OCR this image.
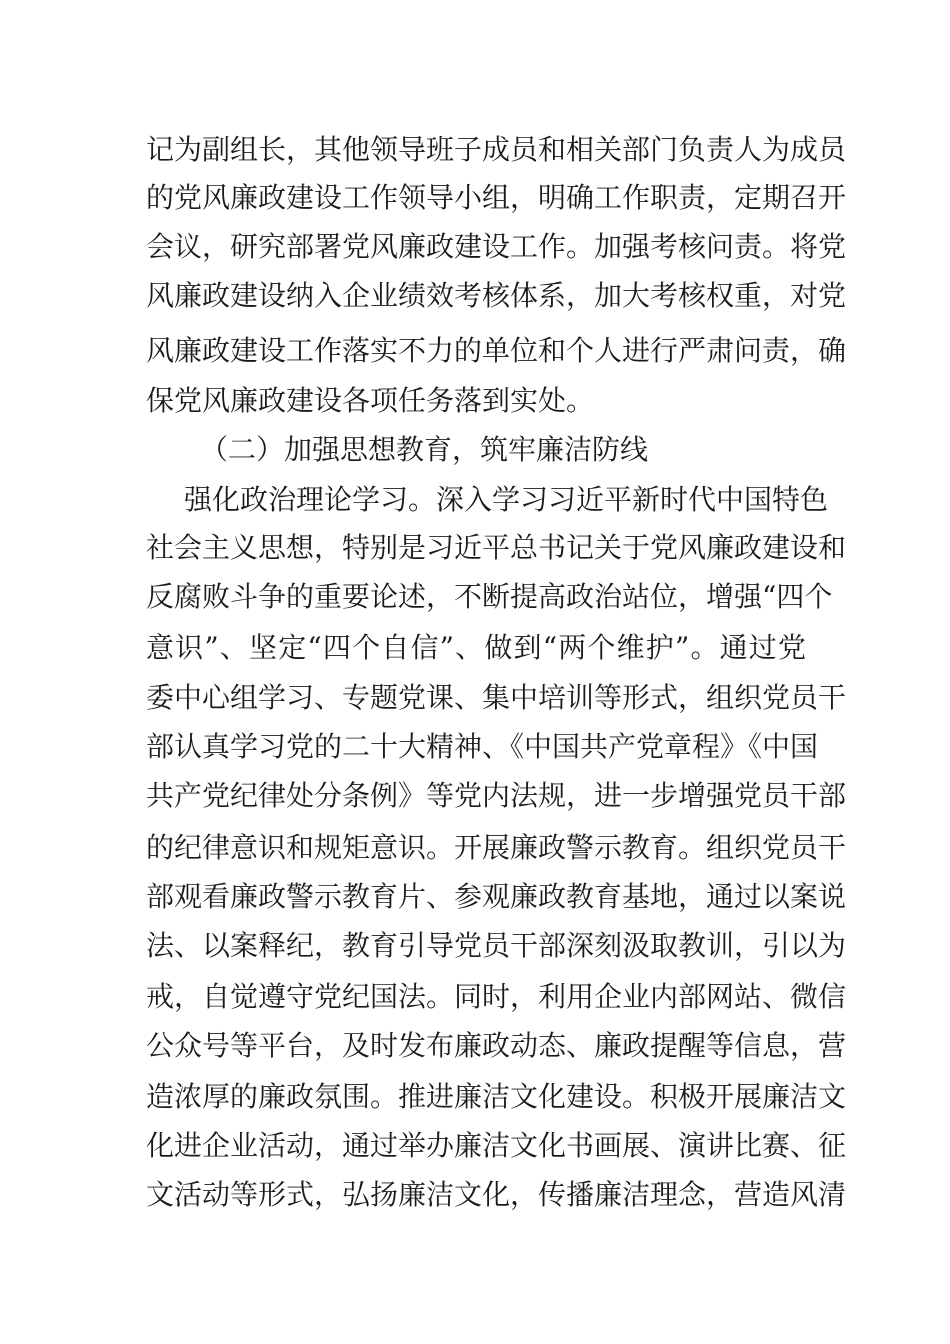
记为副组长，其他领导班子成员和相关部门负责人为成员
的党风廉政建设工作领导小组，明确工作职责，定期召开
会议，研究部署党风廉政建设工作。加强考核问责。将党
风廉政建设纳入企业绩效考核体系，加大考核权重，对党
风廉政建设工作落实不力的单位和个人进行严肃问责，确
保党风廉政建设各项任务落到实处。
（二）加强思想教育，筑牢廉洁防线
强化政治理论学习。深入学习习近平新时代中国特色
社会主义思想，特别是习近平总书记关于党风廉政建设和
反腐败斗争的重要论述，不断提高政治站位，增强“四个
意识”、坚定“四个自信”、做到“两个维护”。通过党
委中心组学习、专题党课、集中培训等形式，组织党员干
部认真学习党的二十大精神、《中国共产党章程》《中国
共产党纪律处分条例》等党内法规，进一步增强党员干部
的纪律意识和规矩意识。开展廉政警示教育。组织党员干
部观看廉政警示教育片、参观廉政教育基地，通过以案说
法、以案释纪，教育引导党员干部深刻汲取教训，引以为
戒，自觉遵守党纪国法。同时，利用企业内部网站、微信
公众号等平台，及时发布廉政动态、廉政提醒等信息，营
造浓厚的廉政氛围。推进廉洁文化建设。积极开展廉洁文
化进企业活动，通过举办廉洁文化书画展、演讲比赛、征
文活动等形式，弘扬廉洁文化，传播廉洁理念，营造风清
